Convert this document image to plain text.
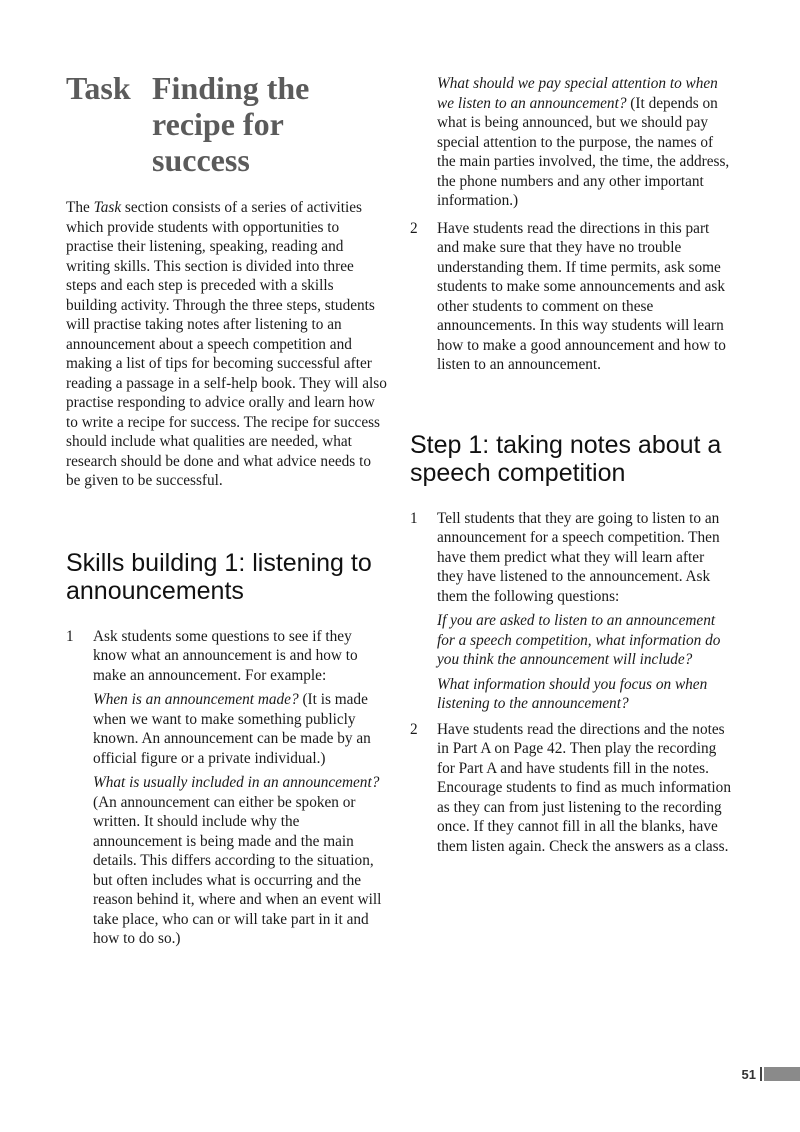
Task Finding the recipe for success

The Task section consists of a series of activities which provide students with opportunities to practise their listening, speaking, reading and writing skills. This section is divided into three steps and each step is preceded with a skills building activity. Through the three steps, students will practise taking notes after listening to an announcement about a speech competition and making a list of tips for becoming successful after reading a passage in a self-help book. They will also practise responding to advice orally and learn how to write a recipe for success. The recipe for success should include what qualities are needed, what research should be done and what advice needs to be given to be successful.

Skills building 1: listening to announcements
1 Ask students some questions to see if they know what an announcement is and how to make an announcement. For example:

When is an announcement made? (It is made when we want to make something publicly known. An announcement can be made by an official figure or a private individual.)

What is usually included in an announcement? (An announcement can either be spoken or written. It should include why the announcement is being made and the main details. This differs according to the situation, but often includes what is occurring and the reason behind it, where and when an event will take place, who can or will take part in it and how to do so.)

What should we pay special attention to when we listen to an announcement? (It depends on what is being announced, but we should pay special attention to the purpose, the names of the main parties involved, the time, the address, the phone numbers and any other important information.)

2 Have students read the directions in this part and make sure that they have no trouble understanding them. If time permits, ask some students to make some announcements and ask other students to comment on these announcements. In this way students will learn how to make a good announcement and how to listen to an announcement.

Step 1: taking notes about a speech competition
1 Tell students that they are going to listen to an announcement for a speech competition. Then have them predict what they will learn after they have listened to the announcement. Ask them the following questions:

If you are asked to listen to an announcement for a speech competition, what information do you think the announcement will include?

What information should you focus on when listening to the announcement?

2 Have students read the directions and the notes in Part A on Page 42. Then play the recording for Part A and have students fill in the notes. Encourage students to find as much information as they can from just listening to the recording once. If they cannot fill in all the blanks, have them listen again. Check the answers as a class.

51
